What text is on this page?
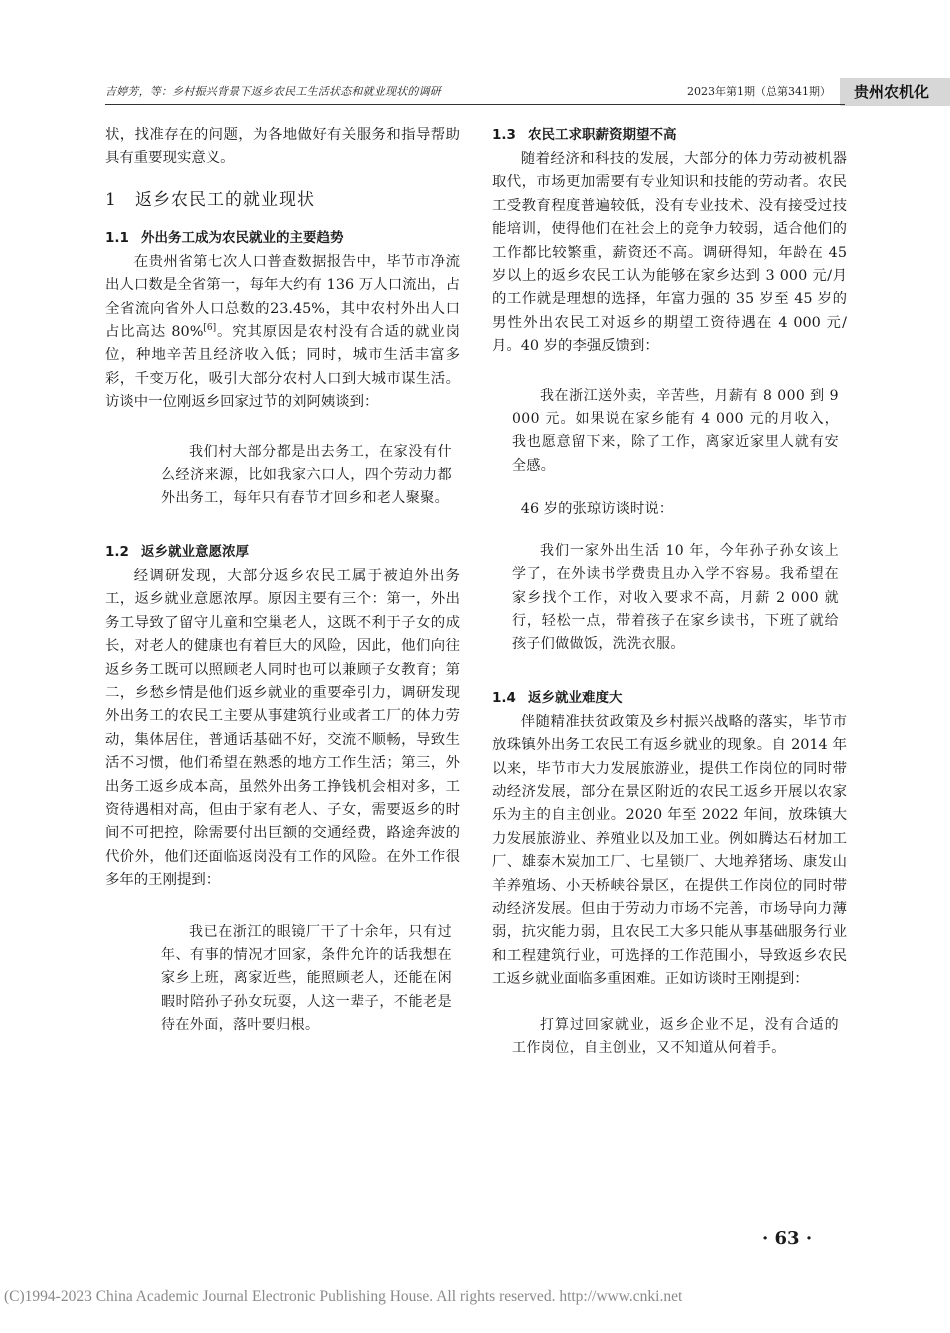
吉婷芳，等：乡村振兴背景下返乡农民工生活状态和就业现状的调研	2023年第1期（总第341期）	贵州农机化

状，找准存在的问题，为各地做好有关服务和指导帮助具有重要现实意义。

1 返乡农民工的就业现状
1.1 外出务工成为农民就业的主要趋势

在贵州省第七次人口普查数据报告中，毕节市净流出人口数是全省第一，每年大约有 136 万人口流出，占全省流向省外人口总数的23.45%，其中农村外出人口占比高达 80%[6]。究其原因是农村没有合适的就业岗位，种地辛苦且经济收入低；同时，城市生活丰富多彩，千变万化，吸引大部分农村人口到大城市谋生活。访谈中一位刚返乡回家过节的刘阿姨谈到：

我们村大部分都是出去务工，在家没有什么经济来源，比如我家六口人，四个劳动力都外出务工，每年只有春节才回乡和老人聚聚。
1.2 返乡就业意愿浓厚

经调研发现，大部分返乡农民工属于被迫外出务工，返乡就业意愿浓厚。原因主要有三个：第一，外出务工导致了留守儿童和空巢老人，这既不利于子女的成长，对老人的健康也有着巨大的风险，因此，他们向往返乡务工既可以照顾老人同时也可以兼顾子女教育；第二，乡愁乡情是他们返乡就业的重要牵引力，调研发现外出务工的农民工主要从事建筑行业或者工厂的体力劳动，集体居住，普通话基础不好，交流不顺畅，导致生活不习惯，他们希望在熟悉的地方工作生活；第三，外出务工返乡成本高，虽然外出务工挣钱机会相对多，工资待遇相对高，但由于家有老人、子女，需要返乡的时间不可把控，除需要付出巨额的交通经费，路途奔波的代价外，他们还面临返岗没有工作的风险。在外工作很多年的王刚提到：

我已在浙江的眼镜厂干了十余年，只有过年、有事的情况才回家，条件允许的话我想在家乡上班，离家近些，能照顾老人，还能在闲暇时陪孙子孙女玩耍，人这一辈子，不能老是待在外面，落叶要归根。
1.3 农民工求职薪资期望不高

随着经济和科技的发展，大部分的体力劳动被机器取代，市场更加需要有专业知识和技能的劳动者。农民工受教育程度普遍较低，没有专业技术、没有接受过技能培训，使得他们在社会上的竞争力较弱，适合他们的工作都比较繁重，薪资还不高。调研得知，年龄在 45 岁以上的返乡农民工认为能够在家乡达到 3 000 元/月的工作就是理想的选择，年富力强的 35 岁至 45 岁的男性外出农民工对返乡的期望工资待遇在 4 000 元/月。40 岁的李强反馈到：

我在浙江送外卖，辛苦些，月薪有 8 000 到 9 000 元。如果说在家乡能有 4 000 元的月收入，我也愿意留下来，除了工作，离家近家里人就有安全感。

46 岁的张琼访谈时说：

我们一家外出生活 10 年，今年孙子孙女该上学了，在外读书学费贵且办入学不容易。我希望在家乡找个工作，对收入要求不高，月薪 2 000 就行，轻松一点，带着孩子在家乡读书，下班了就给孩子们做做饭，洗洗衣服。
1.4 返乡就业难度大

伴随精准扶贫政策及乡村振兴战略的落实，毕节市放珠镇外出务工农民工有返乡就业的现象。自 2014 年以来，毕节市大力发展旅游业，提供工作岗位的同时带动经济发展，部分在景区附近的农民工返乡开展以农家乐为主的自主创业。2020 年至 2022 年间，放珠镇大力发展旅游业、养殖业以及加工业。例如腾达石材加工厂、雄泰木炭加工厂、七星锁厂、大地养猪场、康发山羊养殖场、小天桥峡谷景区，在提供工作岗位的同时带动经济发展。但由于劳动力市场不完善，市场导向力薄弱，抗灾能力弱，且农民工大多只能从事基础服务行业和工程建筑行业，可选择的工作范围小，导致返乡农民工返乡就业面临多重困难。正如访谈时王刚提到：

打算过回家就业，返乡企业不足，没有合适的工作岗位，自主创业，又不知道从何着手。
· 63 ·
(C)1994-2023 China Academic Journal Electronic Publishing House. All rights reserved. http://www.cnki.net
